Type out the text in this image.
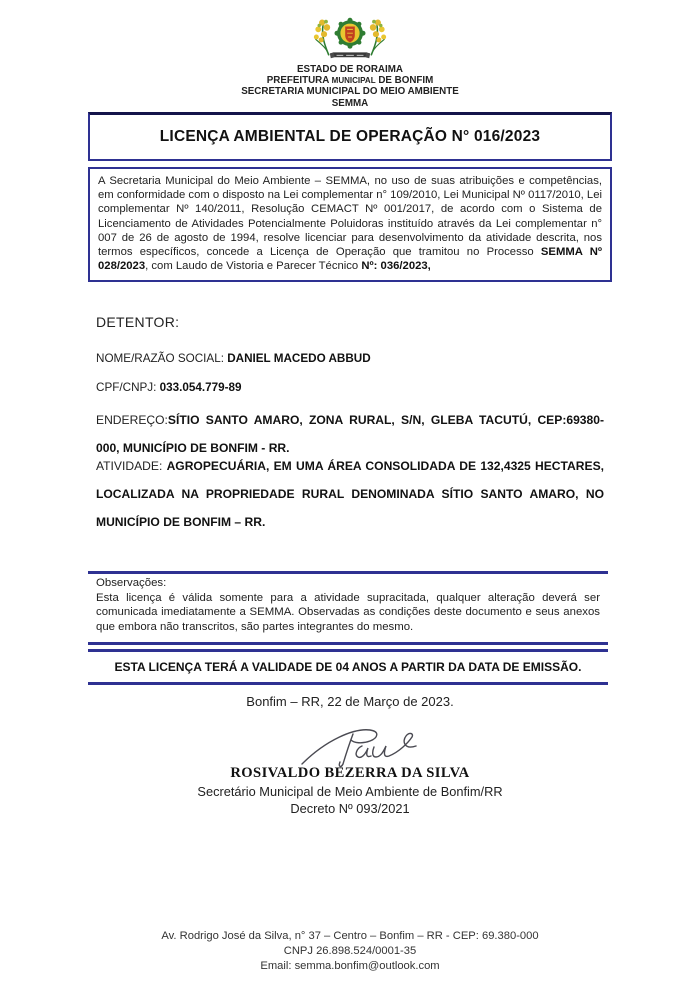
ESTADO DE RORAIMA
PREFEITURA MUNICIPAL DE BONFIM
SECRETARIA MUNICIPAL DO MEIO AMBIENTE
SEMMA
LICENÇA AMBIENTAL DE OPERAÇÃO N° 016/2023
A Secretaria Municipal do Meio Ambiente – SEMMA, no uso de suas atribuições e competências, em conformidade com o disposto na Lei complementar n° 109/2010, Lei Municipal Nº 0117/2010, Lei complementar Nº 140/2011, Resolução CEMACT Nº 001/2017, de acordo com o Sistema de Licenciamento de Atividades Potencialmente Poluidoras instituído através da Lei complementar n° 007 de 26 de agosto de 1994, resolve licenciar para desenvolvimento da atividade descrita, nos termos específicos, concede a Licença de Operação que tramitou no Processo SEMMA Nº 028/2023, com Laudo de Vistoria e Parecer Técnico Nº: 036/2023,
DETENTOR:
NOME/RAZÃO SOCIAL: DANIEL MACEDO ABBUD
CPF/CNPJ: 033.054.779-89
ENDEREÇO:SÍTIO SANTO AMARO, ZONA RURAL, S/N, GLEBA TACUTÚ, CEP:69380-000, MUNICÍPIO DE BONFIM - RR.
ATIVIDADE: AGROPECUÁRIA, EM UMA ÁREA CONSOLIDADA DE 132,4325 HECTARES, LOCALIZADA NA PROPRIEDADE RURAL DENOMINADA SÍTIO SANTO AMARO, NO MUNICÍPIO DE BONFIM – RR.
Observações:
Esta licença é válida somente para a atividade supracitada, qualquer alteração deverá ser comunicada imediatamente a SEMMA. Observadas as condições deste documento e seus anexos que embora não transcritos, são partes integrantes do mesmo.
ESTA LICENÇA TERÁ A VALIDADE DE 04 ANOS A PARTIR DA DATA DE EMISSÃO.
Bonfim – RR, 22 de Março de 2023.
ROSIVALDO BEZERRA DA SILVA
Secretário Municipal de Meio Ambiente de Bonfim/RR
Decreto Nº 093/2021
Av. Rodrigo José da Silva, n° 37 – Centro – Bonfim – RR - CEP: 69.380-000
CNPJ 26.898.524/0001-35
Email: semma.bonfim@outlook.com
